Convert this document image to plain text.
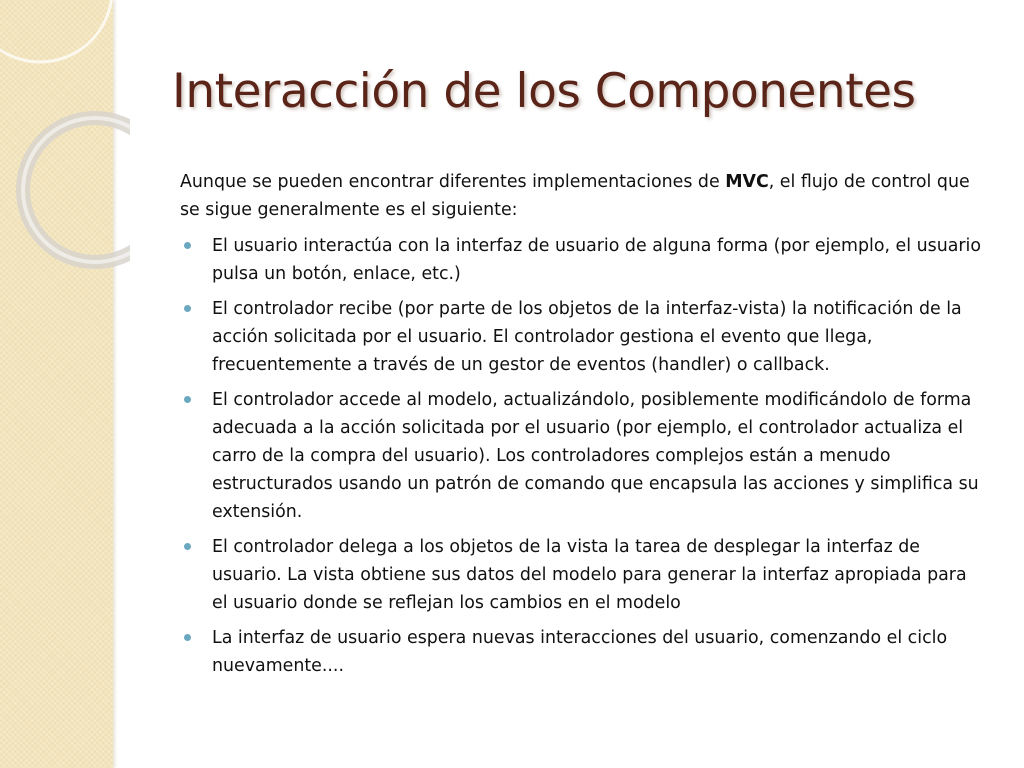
Interacción de los Componentes

Aunque se pueden encontrar diferentes implementaciones de MVC, el flujo de control que se sigue generalmente es el siguiente:

El usuario interactúa con la interfaz de usuario de alguna forma (por ejemplo, el usuario pulsa un botón, enlace, etc.)
El controlador recibe (por parte de los objetos de la interfaz-vista) la notificación de la acción solicitada por el usuario. El controlador gestiona el evento que llega, frecuentemente a través de un gestor de eventos (handler) o callback.
El controlador accede al modelo, actualizándolo, posiblemente modificándolo de forma adecuada a la acción solicitada por el usuario (por ejemplo, el controlador actualiza el carro de la compra del usuario). Los controladores complejos están a menudo estructurados usando un patrón de comando que encapsula las acciones y simplifica su extensión.
El controlador delega a los objetos de la vista la tarea de desplegar la interfaz de usuario. La vista obtiene sus datos del modelo para generar la interfaz apropiada para el usuario donde se reflejan los cambios en el modelo
La interfaz de usuario espera nuevas interacciones del usuario, comenzando el ciclo nuevamente....
